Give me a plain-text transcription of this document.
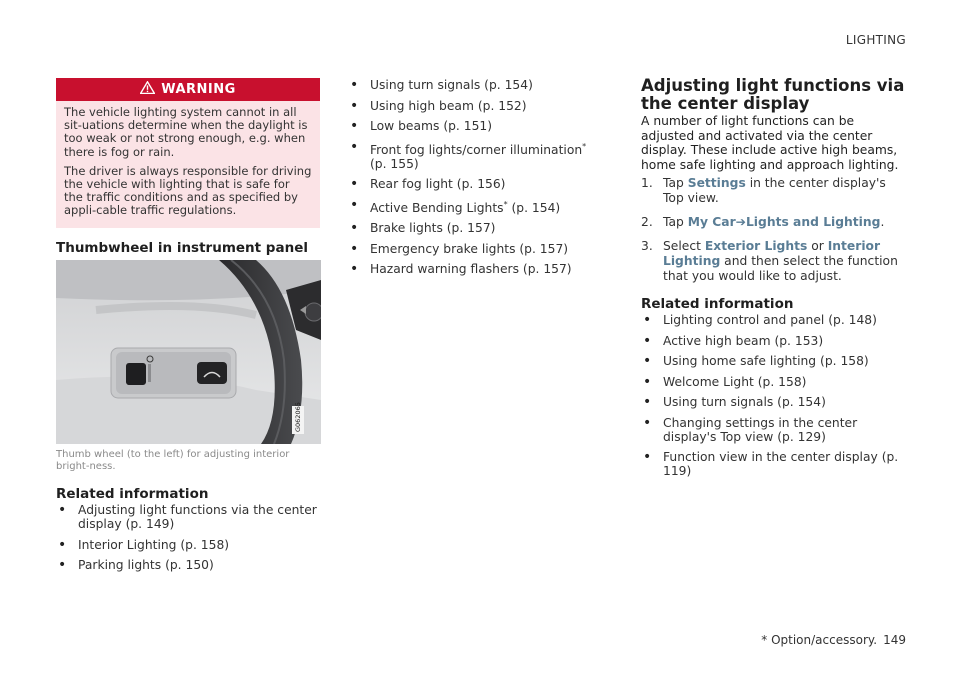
LIGHTING
WARNING

The vehicle lighting system cannot in all sit-uations determine when the daylight is too weak or not strong enough, e.g. when there is fog or rain.

The driver is always responsible for driving the vehicle with lighting that is safe for the traffic conditions and as specified by appli-cable traffic regulations.

Thumbwheel in instrument panel
G062065
Thumb wheel (to the left) for adjusting interior bright-ness.
Related information
• Adjusting light functions via the center display (p. 149)
• Interior Lighting (p. 158)
• Parking lights (p. 150)
• Using turn signals (p. 154)
• Using high beam (p. 152)
• Low beams (p. 151)
• Front fog lights/corner illumination*
(p. 155)
• Rear fog light (p. 156)
• Active Bending Lights* (p. 154)
• Brake lights (p. 157)
• Emergency brake lights (p. 157)
• Hazard warning flashers (p. 157)
Adjusting light functions via the center display
A number of light functions can be adjusted and activated via the center display. These include active high beams, home safe lighting and approach lighting.
1. Tap Settings in the center display's Top view.
2. Tap My Car➔Lights and Lighting.
3. Select Exterior Lights or Interior Lighting and then select the function that you would like to adjust.
Related information
• Lighting control and panel (p. 148)
• Active high beam (p. 153)
• Using home safe lighting (p. 158)
• Welcome Light (p. 158)
• Using turn signals (p. 154)
• Changing settings in the center display's Top view (p. 129)
• Function view in the center display (p. 119)
* Option/accessory. 149
